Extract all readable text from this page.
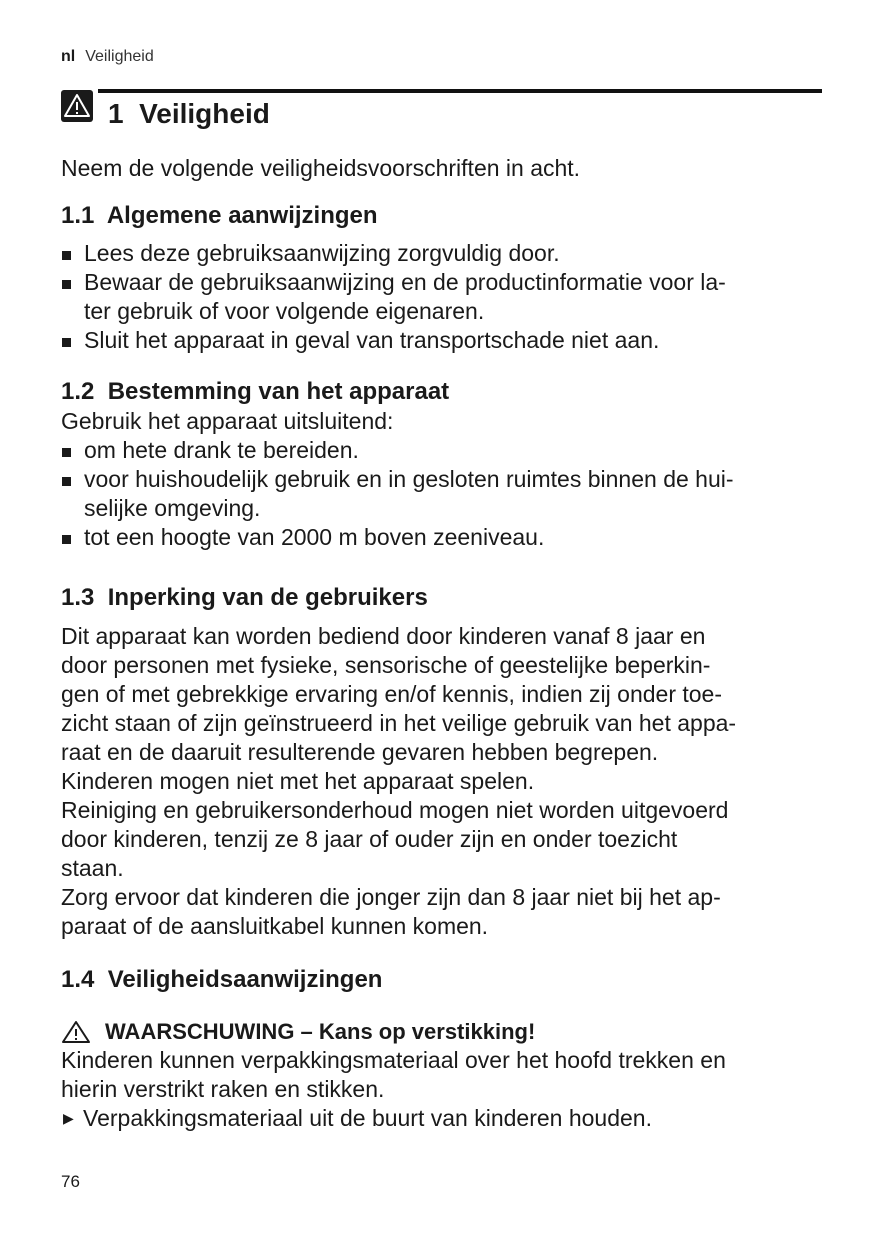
nl Veiligheid
1 Veiligheid

Neem de volgende veiligheidsvoorschriften in acht.

1.1 Algemene aanwijzingen
Lees deze gebruiksaanwijzing zorgvuldig door.
Bewaar de gebruiksaanwijzing en de productinformatie voor la-
ter gebruik of voor volgende eigenaren.
Sluit het apparaat in geval van transportschade niet aan.
1.2 Bestemming van het apparaat

Gebruik het apparaat uitsluitend:

om hete drank te bereiden.
voor huishoudelijk gebruik en in gesloten ruimtes binnen de hui-
selijke omgeving.
tot een hoogte van 2000 m boven zeeniveau.
1.3 Inperking van de gebruikers

Dit apparaat kan worden bediend door kinderen vanaf 8 jaar en
door personen met fysieke, sensorische of geestelijke beperkin-
gen of met gebrekkige ervaring en/of kennis, indien zij onder toe-
zicht staan of zijn geïnstrueerd in het veilige gebruik van het appa-
raat en de daaruit resulterende gevaren hebben begrepen.

Kinderen mogen niet met het apparaat spelen.

Reiniging en gebruikersonderhoud mogen niet worden uitgevoerd
door kinderen, tenzij ze 8 jaar of ouder zijn en onder toezicht
staan.

Zorg ervoor dat kinderen die jonger zijn dan 8 jaar niet bij het ap-
paraat of de aansluitkabel kunnen komen.

1.4 Veiligheidsaanwijzingen
WAARSCHUWING – Kans op verstikking!

Kinderen kunnen verpakkingsmateriaal over het hoofd trekken en
hierin verstrikt raken en stikken.

▶ Verpakkingsmateriaal uit de buurt van kinderen houden.

76
